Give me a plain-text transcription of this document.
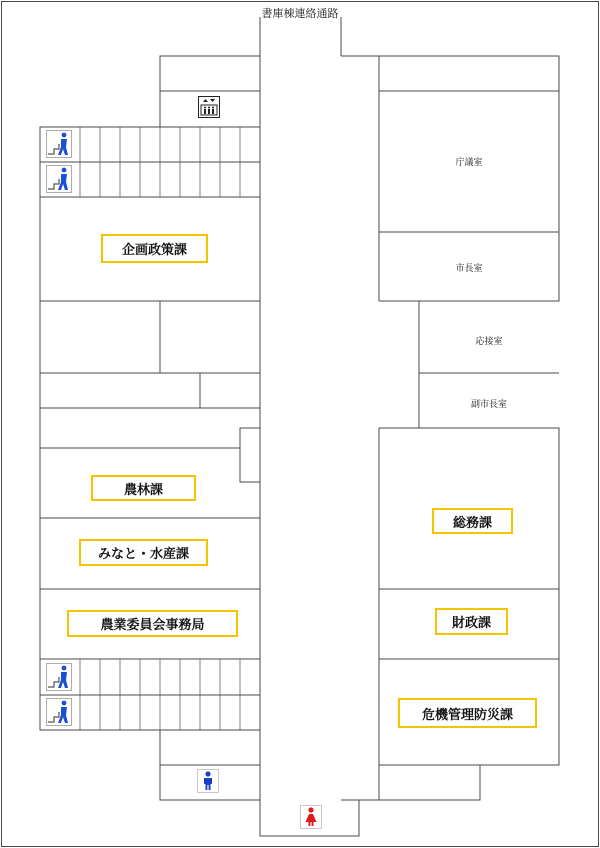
書庫棟連絡通路
庁議室
市長室
応接室
副市長室
企画政策課
農林課
みなと・水産課
農業委員会事務局
総務課
財政課
危機管理防災課
